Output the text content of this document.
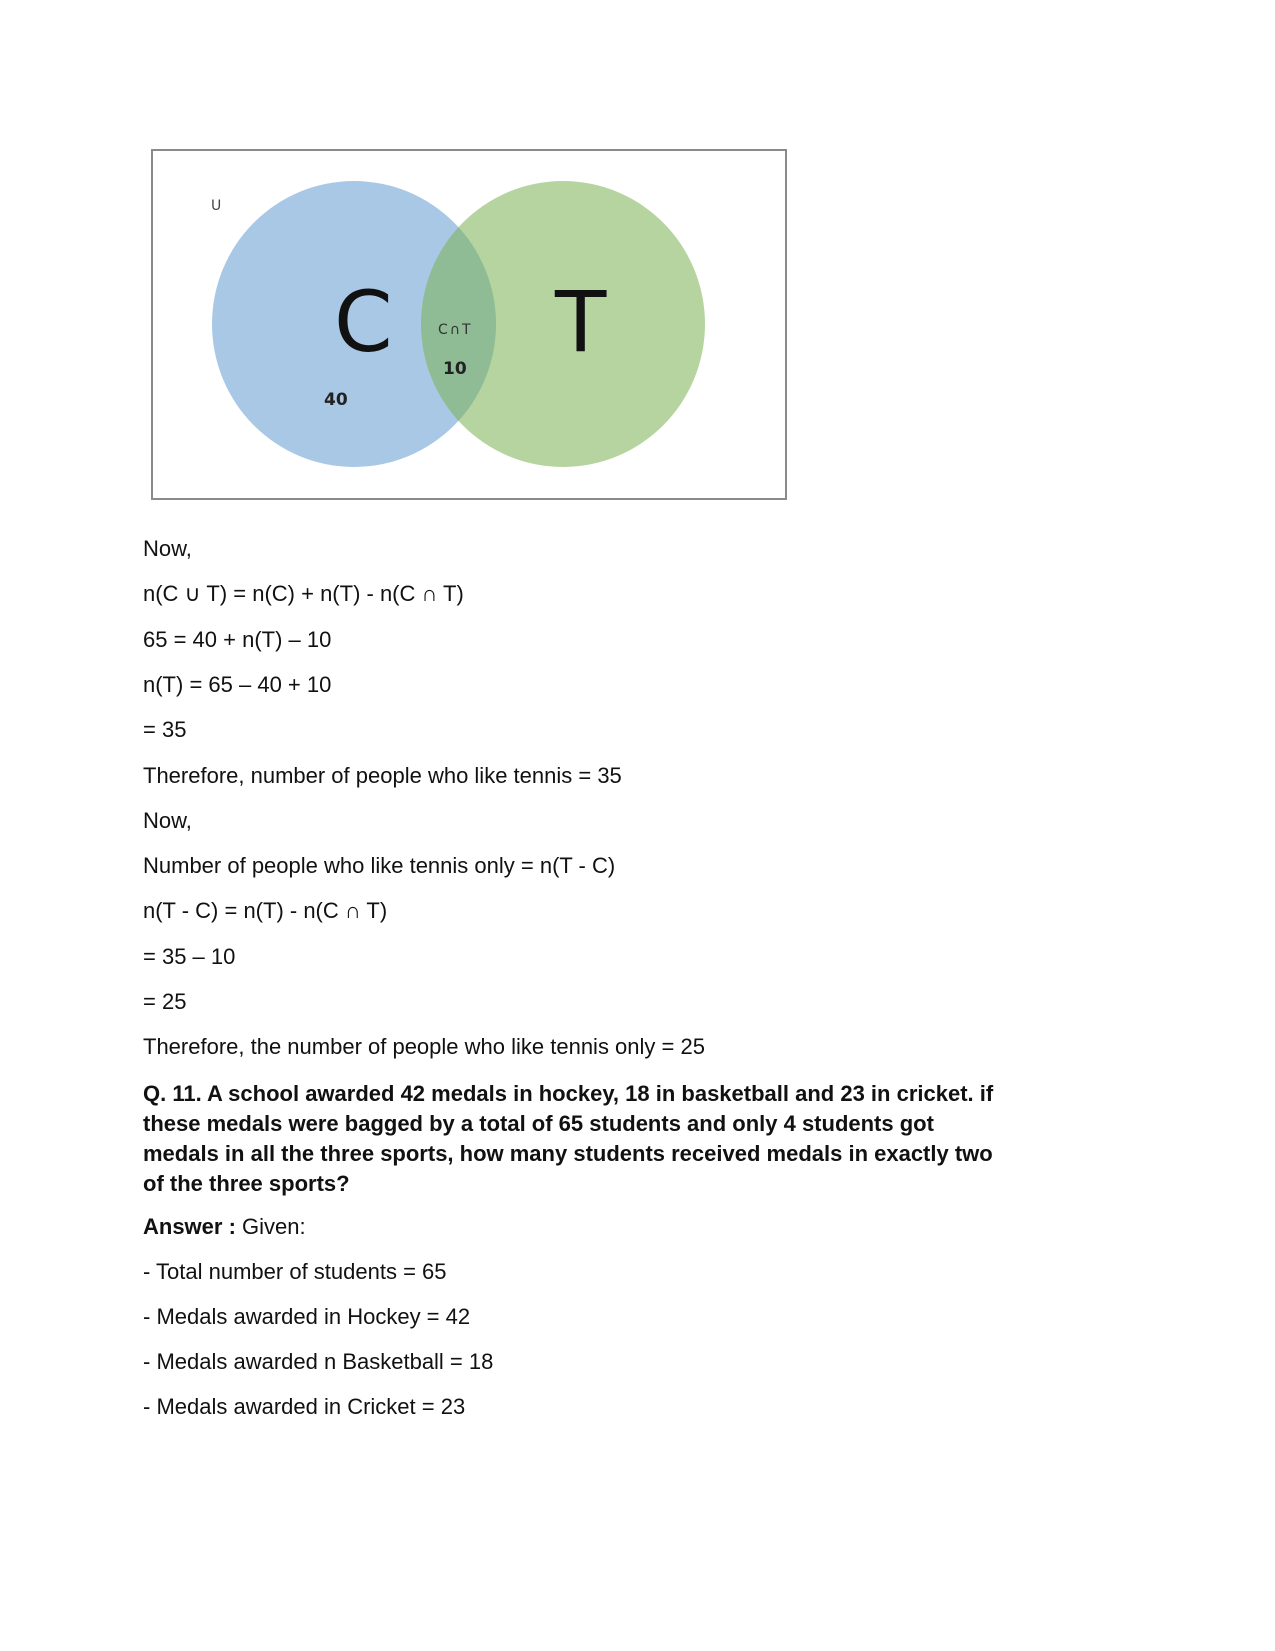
U
C T
C∩T
10
40
Now,
n(C ∪ T) = n(C) + n(T) - n(C ∩ T)
65 = 40 + n(T) – 10
n(T) = 65 – 40 + 10
= 35
Therefore, number of people who like tennis = 35
Now,
Number of people who like tennis only = n(T - C)
n(T - C) = n(T) - n(C ∩ T)
= 35 – 10
= 25
Therefore, the number of people who like tennis only = 25
Q. 11. A school awarded 42 medals in hockey, 18 in basketball and 23 in cricket. if
these medals were bagged by a total of 65 students and only 4 students got
medals in all the three sports, how many students received medals in exactly two
of the three sports?
Answer : Given:
- Total number of students = 65
- Medals awarded in Hockey = 42
- Medals awarded n Basketball = 18
- Medals awarded in Cricket = 23
